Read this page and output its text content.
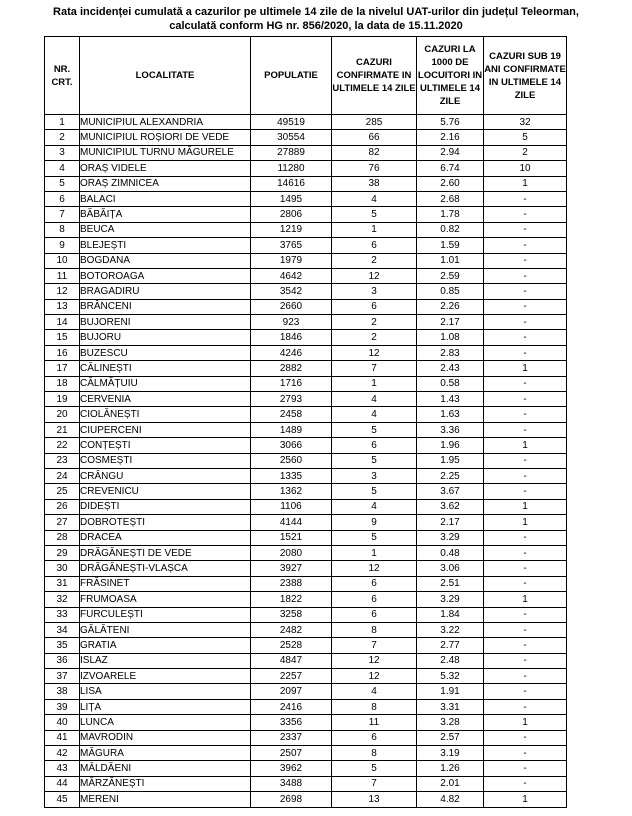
Rata incidenței cumulată a cazurilor pe ultimele 14 zile de la nivelul UAT-urilor din județul Teleorman,
calculată conform HG nr. 856/2020, la data de 15.11.2020
NR. CRT.	LOCALITATE	POPULATIE	CAZURI CONFIRMATE IN ULTIMELE 14 ZILE	CAZURI LA 1000 DE LOCUITORI IN ULTIMELE 14 ZILE	CAZURI SUB 19 ANI CONFIRMATE IN ULTIMELE 14 ZILE
1	MUNICIPIUL ALEXANDRIA	49519	285	5.76	32
2	MUNICIPIUL ROȘIORI DE VEDE	30554	66	2.16	5
3	MUNICIPIUL TURNU MĂGURELE	27889	82	2.94	2
4	ORAȘ VIDELE	11280	76	6.74	10
5	ORAȘ ZIMNICEA	14616	38	2.60	1
6	BALACI	1495	4	2.68	-
7	BĂBĂIȚA	2806	5	1.78	-
8	BEUCA	1219	1	0.82	-
9	BLEJEȘTI	3765	6	1.59	-
10	BOGDANA	1979	2	1.01	-
11	BOTOROAGA	4642	12	2.59	-
12	BRAGADIRU	3542	3	0.85	-
13	BRÂNCENI	2660	6	2.26	-
14	BUJORENI	923	2	2.17	-
15	BUJORU	1846	2	1.08	-
16	BUZESCU	4246	12	2.83	-
17	CĂLINEȘTI	2882	7	2.43	1
18	CĂLMĂȚUIU	1716	1	0.58	-
19	CERVENIA	2793	4	1.43	-
20	CIOLĂNEȘTI	2458	4	1.63	-
21	CIUPERCENI	1489	5	3.36	-
22	CONȚEȘTI	3066	6	1.96	1
23	COSMEȘTI	2560	5	1.95	-
24	CRÂNGU	1335	3	2.25	-
25	CREVENICU	1362	5	3.67	-
26	DIDEȘTI	1106	4	3.62	1
27	DOBROTEȘTI	4144	9	2.17	1
28	DRACEA	1521	5	3.29	-
29	DRĂGĂNEȘTI DE VEDE	2080	1	0.48	-
30	DRĂGĂNEȘTI-VLAȘCA	3927	12	3.06	-
31	FRĂSINET	2388	6	2.51	-
32	FRUMOASA	1822	6	3.29	1
33	FURCULEȘTI	3258	6	1.84	-
34	GĂLĂTENI	2482	8	3.22	-
35	GRATIA	2528	7	2.77	-
36	ISLAZ	4847	12	2.48	-
37	IZVOARELE	2257	12	5.32	-
38	LISA	2097	4	1.91	-
39	LIȚA	2416	8	3.31	-
40	LUNCA	3356	11	3.28	1
41	MAVRODIN	2337	6	2.57	-
42	MĂGURA	2507	8	3.19	-
43	MĂLDĂENI	3962	5	1.26	-
44	MĂRZĂNEȘTI	3488	7	2.01	-
45	MERENI	2698	13	4.82	1
